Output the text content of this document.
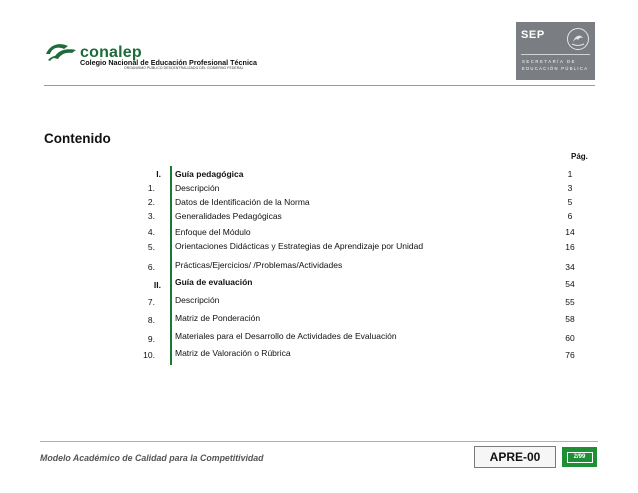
conalep
Colegio Nacional de Educación Profesional Técnica
ORGANISMO PÚBLICO DESCENTRALIZADO DEL GOBIERNO FEDERAL
SEP
SECRETARÍA DE
EDUCACIÓN PÚBLICA
Contenido
Pág.
I. Guía pedagógica	1
1. Descripción	3
2. Datos de Identificación de la Norma	5
3. Generalidades Pedagógicas	6
4. Enfoque del Módulo	14
5. Orientaciones Didácticas y Estrategias de Aprendizaje por Unidad	16
6. Prácticas/Ejercicios/ /Problemas/Actividades	34
II. Guía de evaluación	54
7. Descripción	55
8. Matriz de Ponderación	58
9. Materiales para el Desarrollo de Actividades de Evaluación	60
10. Matriz de Valoración o Rúbrica	76
Modelo Académico de Calidad para la Competitividad	APRE-00	2/99
